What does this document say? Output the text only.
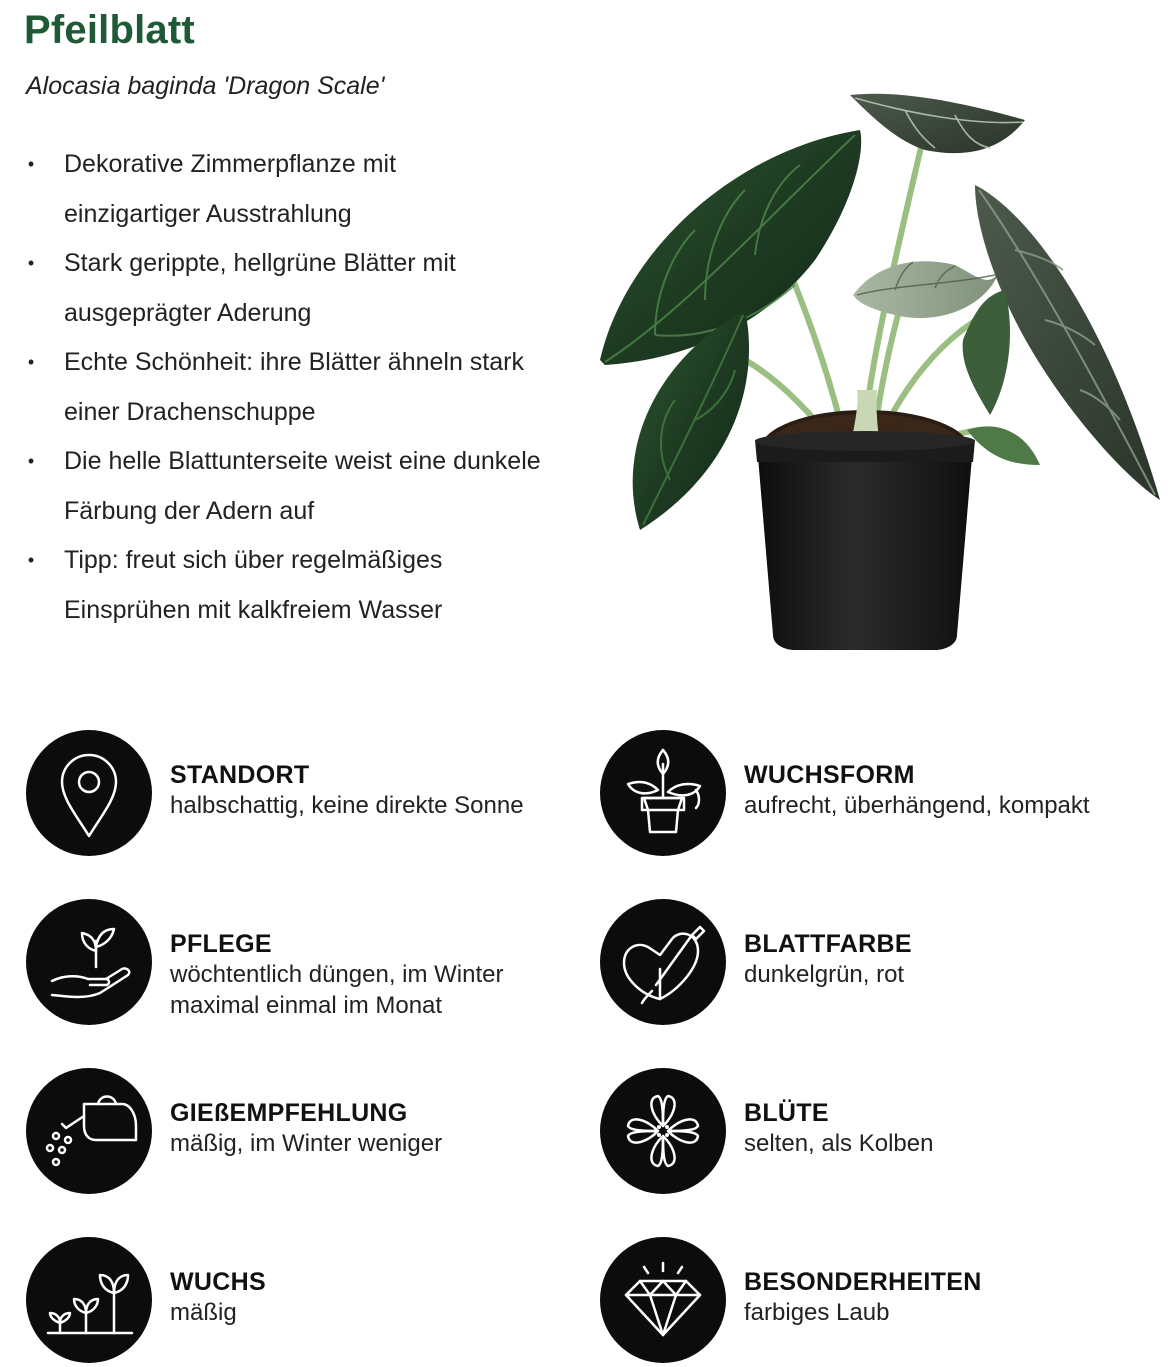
Pfeilblatt
Alocasia baginda 'Dragon Scale'
• Dekorative Zimmerpflanze mit
einzigartiger Ausstrahlung
• Stark gerippte, hellgrüne Blätter mit
ausgeprägter Aderung
• Echte Schönheit: ihre Blätter ähneln stark
einer Drachenschuppe
• Die helle Blattunterseite weist eine dunkele
Färbung der Adern auf
• Tipp: freut sich über regelmäßiges
Einsprühen mit kalkfreiem Wasser
STANDORT
halbschattig, keine direkte Sonne
WUCHSFORM
aufrecht, überhängend, kompakt
PFLEGE
wöchtentlich düngen, im Winter
maximal einmal im Monat
BLATTFARBE
dunkelgrün, rot
GIEßEMPFEHLUNG
mäßig, im Winter weniger
BLÜTE
selten, als Kolben
WUCHS
mäßig
BESONDERHEITEN
farbiges Laub
